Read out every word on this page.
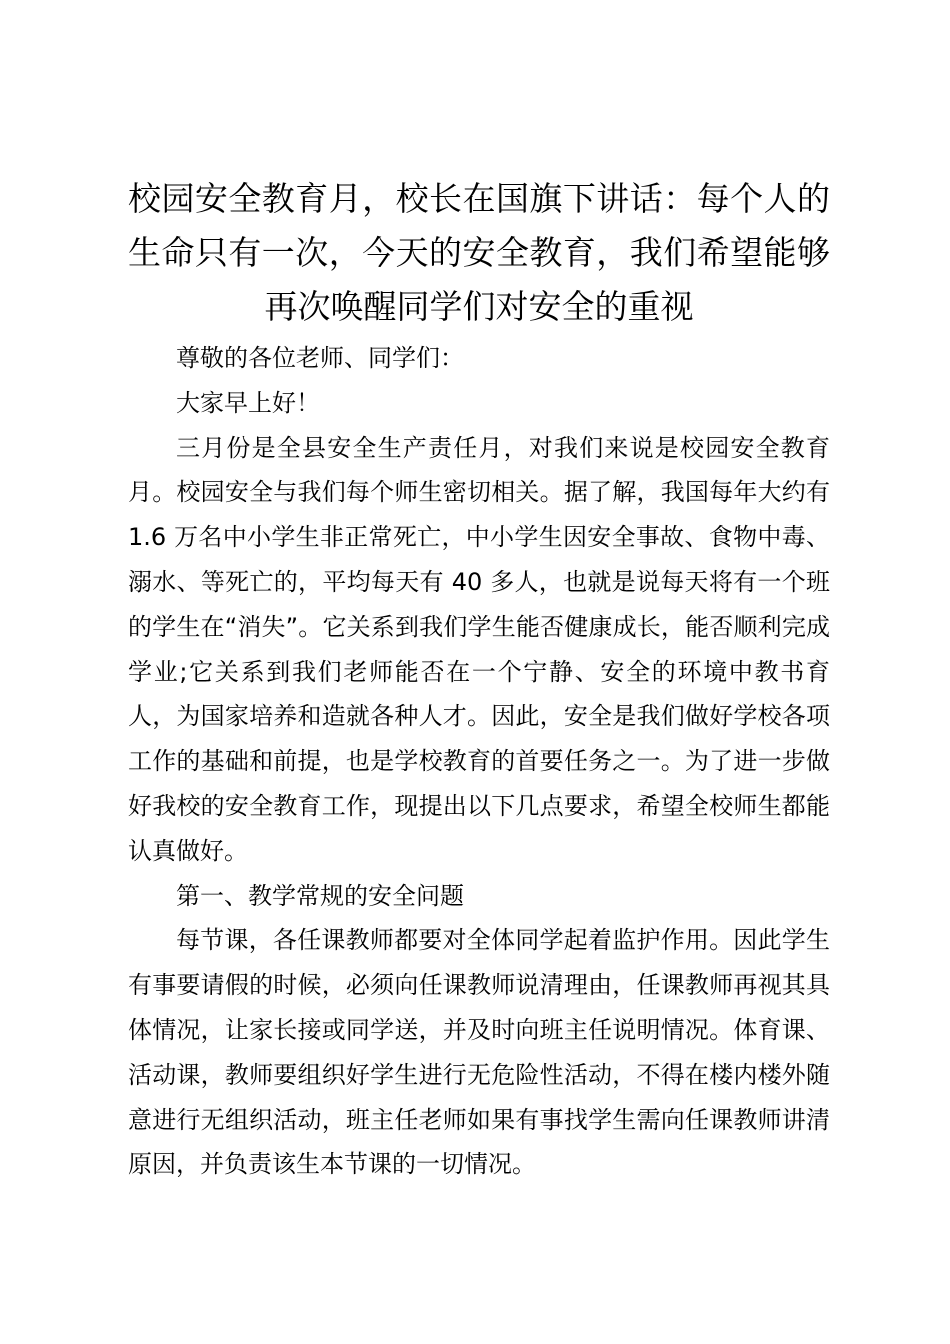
校园安全教育月，校长在国旗下讲话：每个人的生命只有一次，今天的安全教育，我们希望能够再次唤醒同学们对安全的重视

尊敬的各位老师、同学们：

大家早上好！

三月份是全县安全生产责任月，对我们来说是校园安全教育月。校园安全与我们每个师生密切相关。据了解，我国每年大约有 1.6 万名中小学生非正常死亡，中小学生因安全事故、食物中毒、溺水、等死亡的，平均每天有 40 多人，也就是说每天将有一个班的学生在“消失”。它关系到我们学生能否健康成长，能否顺利完成学业;它关系到我们老师能否在一个宁静、安全的环境中教书育人，为国家培养和造就各种人才。因此，安全是我们做好学校各项工作的基础和前提，也是学校教育的首要任务之一。为了进一步做好我校的安全教育工作，现提出以下几点要求，希望全校师生都能认真做好。

第一、教学常规的安全问题

每节课，各任课教师都要对全体同学起着监护作用。因此学生有事要请假的时候，必须向任课教师说清理由，任课教师再视其具体情况，让家长接或同学送，并及时向班主任说明情况。体育课、活动课，教师要组织好学生进行无危险性活动，不得在楼内楼外随意进行无组织活动，班主任老师如果有事找学生需向任课教师讲清原因，并负责该生本节课的一切情况。
